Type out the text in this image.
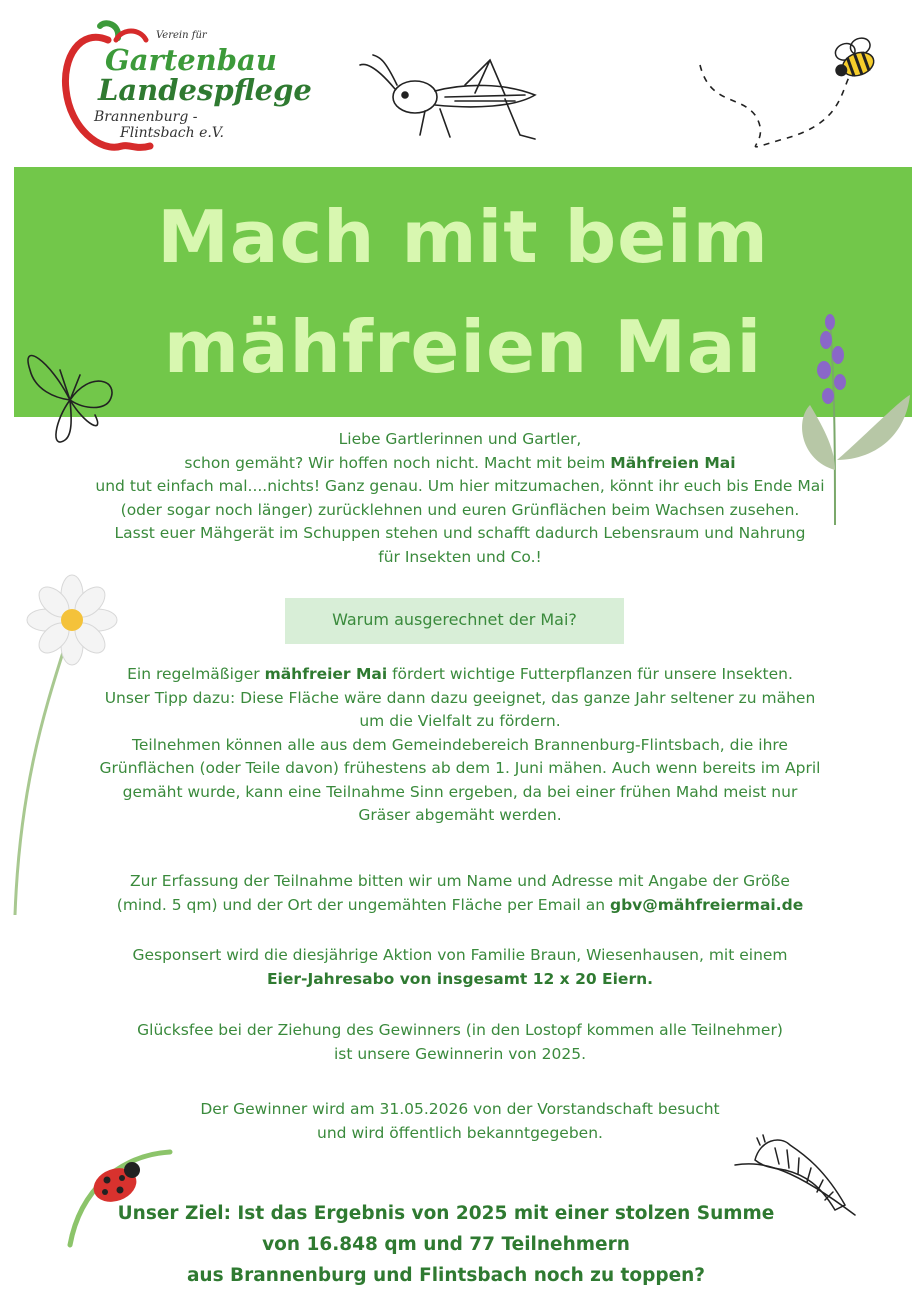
Verein für
Gartenbau
Landespflege
Brannenburg -
Flintsbach e.V.
Mach mit beim
mähfreien Mai
Liebe Gartlerinnen und Gartler,
schon gemäht? Wir hoffen noch nicht. Macht mit beim Mähfreien Mai
und tut einfach mal....nichts! Ganz genau. Um hier mitzumachen, könnt ihr euch bis Ende Mai
(oder sogar noch länger) zurücklehnen und euren Grünflächen beim Wachsen zusehen.
Lasst euer Mähgerät im Schuppen stehen und schafft dadurch Lebensraum und Nahrung
für Insekten und Co.!
Warum ausgerechnet der Mai?
Ein regelmäßiger mähfreier Mai fördert wichtige Futterpflanzen für unsere Insekten.
Unser Tipp dazu: Diese Fläche wäre dann dazu geeignet, das ganze Jahr seltener zu mähen
um die Vielfalt zu fördern.
Teilnehmen können alle aus dem Gemeindebereich Brannenburg-Flintsbach, die ihre
Grünflächen (oder Teile davon) frühestens ab dem 1. Juni mähen. Auch wenn bereits im April
gemäht wurde, kann eine Teilnahme Sinn ergeben, da bei einer frühen Mahd meist nur
Gräser abgemäht werden.
Zur Erfassung der Teilnahme bitten wir um Name und Adresse mit Angabe der Größe
(mind. 5 qm) und der Ort der ungemähten Fläche per Email an gbv@mähfreiermai.de
Gesponsert wird die diesjährige Aktion von Familie Braun, Wiesenhausen, mit einem
Eier-Jahresabo von insgesamt 12 x 20 Eiern.
Glücksfee bei der Ziehung des Gewinners (in den Lostopf kommen alle Teilnehmer)
ist unsere Gewinnerin von 2025.
Der Gewinner wird am 31.05.2026 von der Vorstandschaft besucht
und wird öffentlich bekanntgegeben.
Unser Ziel: Ist das Ergebnis von 2025 mit einer stolzen Summe
von 16.848 qm und 77 Teilnehmern
aus Brannenburg und Flintsbach noch zu toppen?
